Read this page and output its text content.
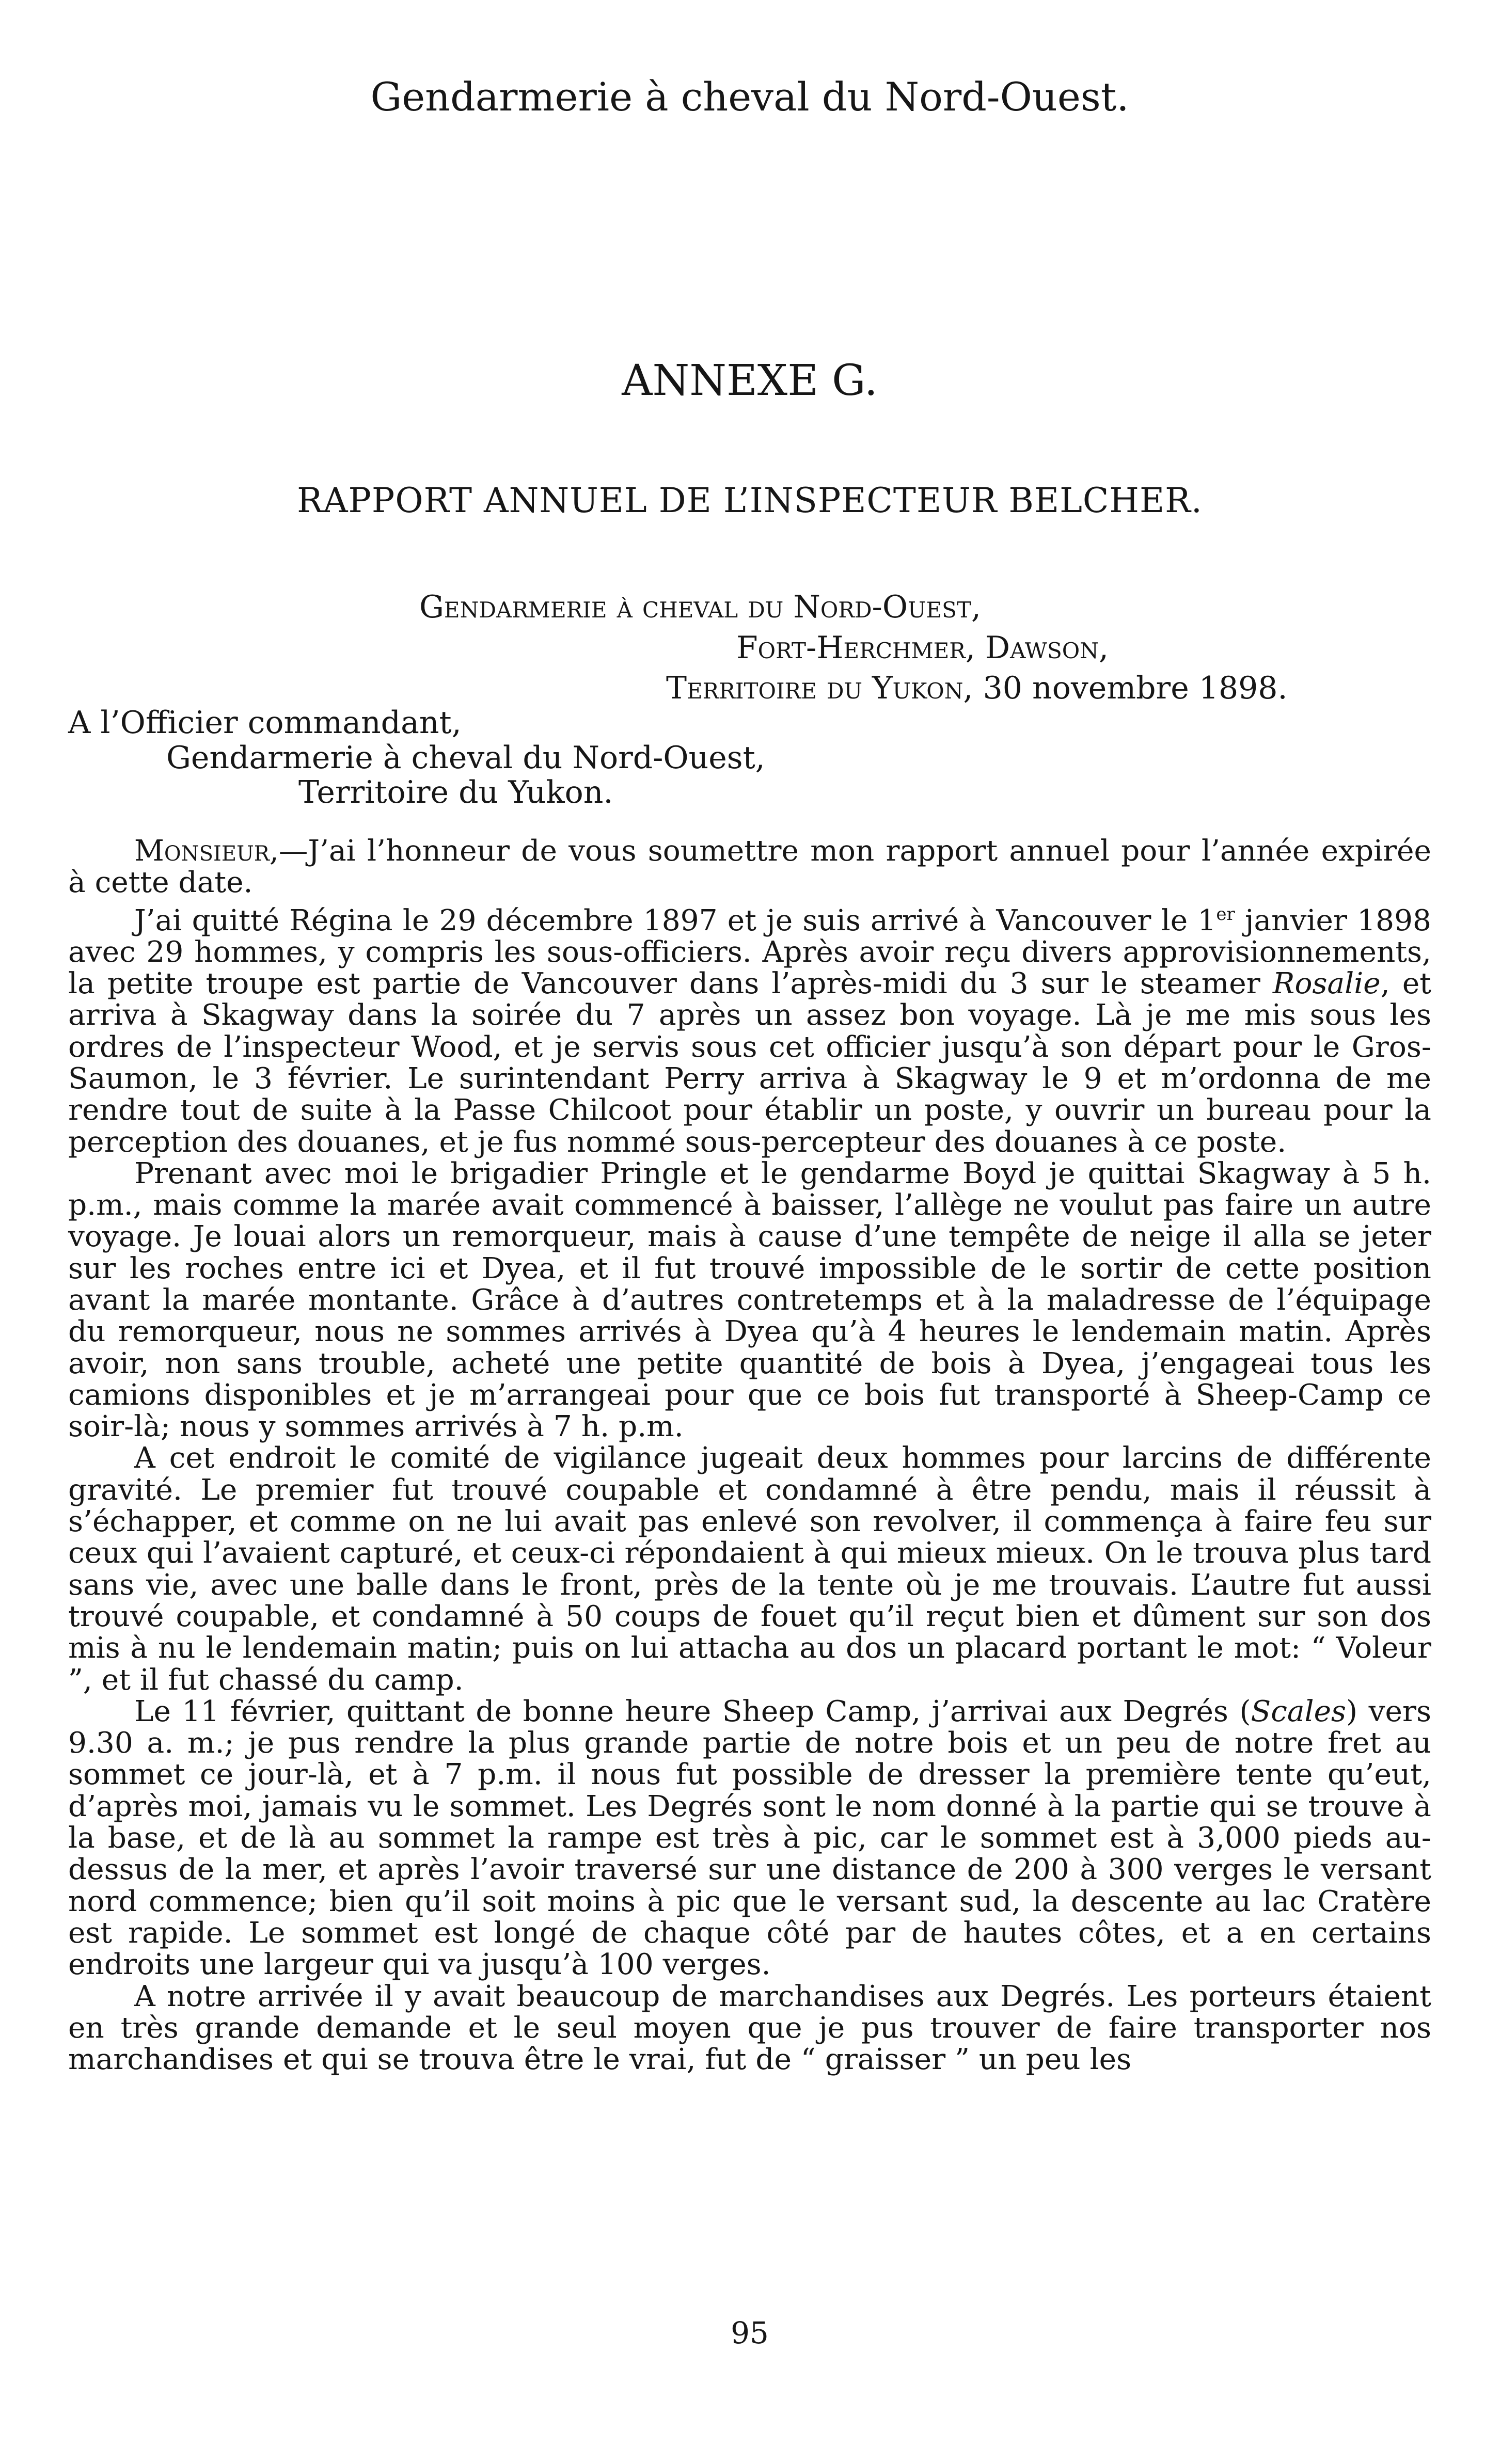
Gendarmerie à cheval du Nord-Ouest.
ANNEXE G.
RAPPORT ANNUEL DE L’INSPECTEUR BELCHER.
Gendarmerie à cheval du Nord-Ouest,
Fort-Herchmer, Dawson,
Territoire du Yukon, 30 novembre 1898.
A l’Officier commandant,
Gendarmerie à cheval du Nord-Ouest,
Territoire du Yukon.

Monsieur,—J’ai l’honneur de vous soumettre mon rapport annuel pour l’année expirée à cette date.

J’ai quitté Régina le 29 décembre 1897 et je suis arrivé à Vancouver le 1er janvier 1898 avec 29 hommes, y compris les sous-officiers. Après avoir reçu divers approvisionnements, la petite troupe est partie de Vancouver dans l’après-midi du 3 sur le steamer Rosalie, et arriva à Skagway dans la soirée du 7 après un assez bon voyage. Là je me mis sous les ordres de l’inspecteur Wood, et je servis sous cet officier jusqu’à son départ pour le Gros-Saumon, le 3 février. Le surintendant Perry arriva à Skagway le 9 et m’ordonna de me rendre tout de suite à la Passe Chilcoot pour établir un poste, y ouvrir un bureau pour la perception des douanes, et je fus nommé sous-percepteur des douanes à ce poste.

Prenant avec moi le brigadier Pringle et le gendarme Boyd je quittai Skagway à 5 h. p.m., mais comme la marée avait commencé à baisser, l’allège ne voulut pas faire un autre voyage. Je louai alors un remorqueur, mais à cause d’une tempête de neige il alla se jeter sur les roches entre ici et Dyea, et il fut trouvé impossible de le sortir de cette position avant la marée montante. Grâce à d’autres contretemps et à la maladresse de l’équipage du remorqueur, nous ne sommes arrivés à Dyea qu’à 4 heures le lendemain matin. Après avoir, non sans trouble, acheté une petite quantité de bois à Dyea, j’engageai tous les camions disponibles et je m’arrangeai pour que ce bois fut transporté à Sheep-Camp ce soir-là; nous y sommes arrivés à 7 h. p.m.

A cet endroit le comité de vigilance jugeait deux hommes pour larcins de différente gravité. Le premier fut trouvé coupable et condamné à être pendu, mais il réussit à s’échapper, et comme on ne lui avait pas enlevé son revolver, il commença à faire feu sur ceux qui l’avaient capturé, et ceux-ci répondaient à qui mieux mieux. On le trouva plus tard sans vie, avec une balle dans le front, près de la tente où je me trouvais. L’autre fut aussi trouvé coupable, et condamné à 50 coups de fouet qu’il reçut bien et dûment sur son dos mis à nu le lendemain matin; puis on lui attacha au dos un placard portant le mot: “ Voleur ”, et il fut chassé du camp.

Le 11 février, quittant de bonne heure Sheep Camp, j’arrivai aux Degrés (Scales) vers 9.30 a. m.; je pus rendre la plus grande partie de notre bois et un peu de notre fret au sommet ce jour-là, et à 7 p.m. il nous fut possible de dresser la première tente qu’eut, d’après moi, jamais vu le sommet. Les Degrés sont le nom donné à la partie qui se trouve à la base, et de là au sommet la rampe est très à pic, car le sommet est à 3,000 pieds au-dessus de la mer, et après l’avoir traversé sur une distance de 200 à 300 verges le versant nord commence; bien qu’il soit moins à pic que le versant sud, la descente au lac Cratère est rapide. Le sommet est longé de chaque côté par de hautes côtes, et a en certains endroits une largeur qui va jusqu’à 100 verges.

A notre arrivée il y avait beaucoup de marchandises aux Degrés. Les porteurs étaient en très grande demande et le seul moyen que je pus trouver de faire transporter nos marchandises et qui se trouva être le vrai, fut de “ graisser ” un peu les

95
